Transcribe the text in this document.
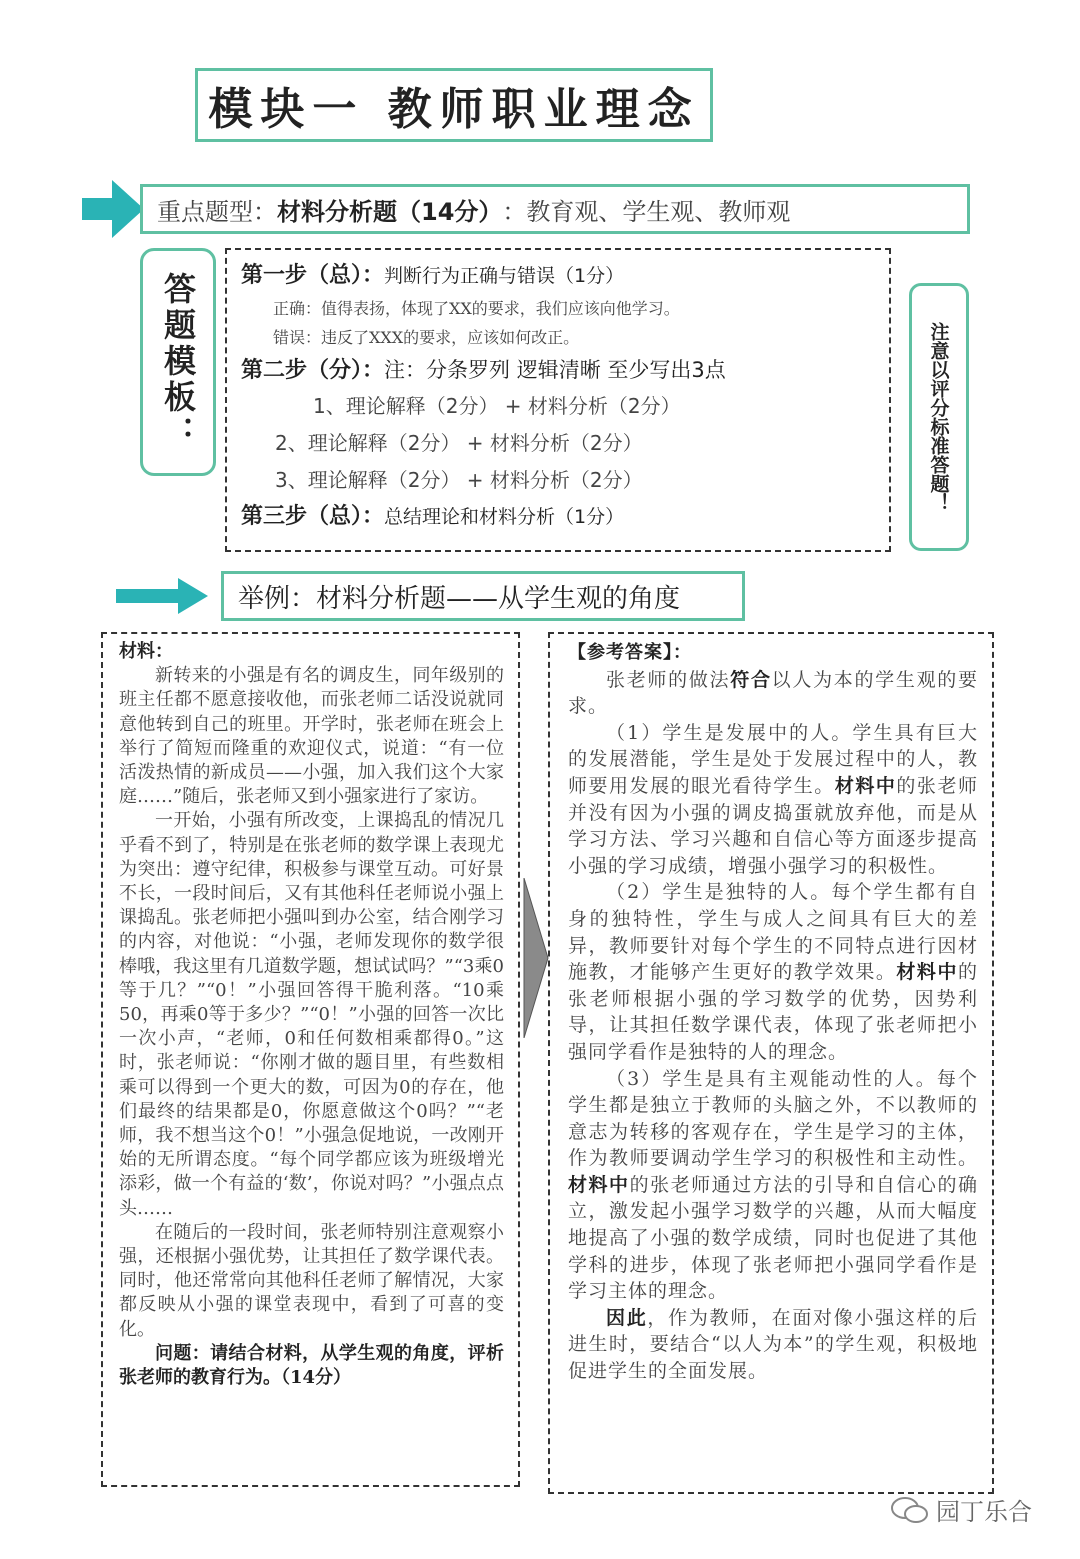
模块一 教师职业理念
重点题型： 材料分析题（14分） ：教育观、学生观、教师观
答题模板：	第一步（总）：判断行为正确与错误（1分）
正确：值得表扬，体现了XX的要求，我们应该向他学习。
错误：违反了XXX的要求，应该如何改正。
第二步（分）：注：分条罗列 逻辑清晰 至少写出3点
1、理论解释（2分） + 材料分析（2分）
2、理论解释（2分） + 材料分析（2分）
3、理论解释（2分） + 材料分析（2分）
第三步（总）：总结理论和材料分析（1分）
注意以评分标准答题！
举例：材料分析题——从学生观的角度
材料：

新转来的小强是有名的调皮生，同年级别的班主任都不愿意接收他，而张老师二话没说就同意他转到自己的班里。开学时，张老师在班会上举行了简短而隆重的欢迎仪式，说道：“有一位活泼热情的新成员——小强，加入我们这个大家庭……”随后，张老师又到小强家进行了家访。

一开始，小强有所改变，上课捣乱的情况几乎看不到了，特别是在张老师的数学课上表现尤为突出：遵守纪律，积极参与课堂互动。可好景不长，一段时间后，又有其他科任老师说小强上课捣乱。张老师把小强叫到办公室，结合刚学习的内容，对他说：“小强，老师发现你的数学很棒哦，我这里有几道数学题，想试试吗？”“3乘0等于几？”“0！”小强回答得干脆利落。“10乘50，再乘0等于多少？”“0！”小强的回答一次比一次小声，“老师，0和任何数相乘都得0。”这时，张老师说：“你刚才做的题目里，有些数相乘可以得到一个更大的数，可因为0的存在，他们最终的结果都是0，你愿意做这个0吗？”“老师，我不想当这个0！”小强急促地说，一改刚开始的无所谓态度。“每个同学都应该为班级增光添彩，做一个有益的‘数’，你说对吗？”小强点点头……

在随后的一段时间，张老师特别注意观察小强，还根据小强优势，让其担任了数学课代表。同时，他还常常向其他科任老师了解情况，大家都反映从小强的课堂表现中，看到了可喜的变化。

问题：请结合材料，从学生观的角度，评析张老师的教育行为。（14分）

【参考答案】：

张老师的做法符合以人为本的学生观的要求。

（1）学生是发展中的人。学生具有巨大的发展潜能，学生是处于发展过程中的人，教师要用发展的眼光看待学生。材料中的张老师并没有因为小强的调皮捣蛋就放弃他，而是从学习方法、学习兴趣和自信心等方面逐步提高小强的学习成绩，增强小强学习的积极性。

（2）学生是独特的人。每个学生都有自身的独特性，学生与成人之间具有巨大的差异，教师要针对每个学生的不同特点进行因材施教，才能够产生更好的教学效果。材料中的张老师根据小强的学习数学的优势，因势利导，让其担任数学课代表，体现了张老师把小强同学看作是独特的人的理念。

（3）学生是具有主观能动性的人。每个学生都是独立于教师的头脑之外，不以教师的意志为转移的客观存在，学生是学习的主体，作为教师要调动学生学习的积极性和主动性。材料中的张老师通过方法的引导和自信心的确立，激发起小强学习数学的兴趣，从而大幅度地提高了小强的数学成绩，同时也促进了其他学科的进步，体现了张老师把小强同学看作是学习主体的理念。

因此，作为教师，在面对像小强这样的后进生时，要结合“以人为本”的学生观，积极地促进学生的全面发展。

园丁乐合
